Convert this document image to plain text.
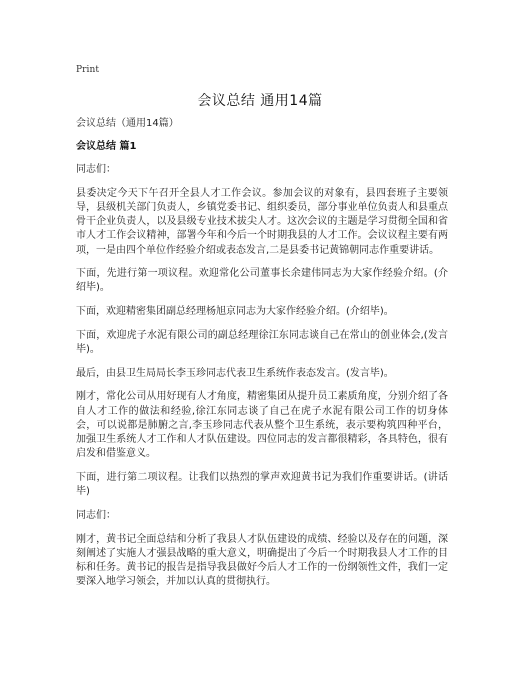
Print
会议总结 通用14篇

会议总结（通用14篇）

会议总结 篇1

同志们：

县委决定今天下午召开全县人才工作会议。参加会议的对象有，县四套班子主要领导，县级机关部门负责人，乡镇党委书记、组织委员，部分事业单位负责人和县重点骨干企业负责人，以及县级专业技术拔尖人才。这次会议的主题是学习贯彻全国和省市人才工作会议精神，部署今年和今后一个时期我县的人才工作。会议议程主要有两项，一是由四个单位作经验介绍或表态发言,二是县委书记黄锦朝同志作重要讲话。

下面，先进行第一项议程。欢迎常化公司董事长余建伟同志为大家作经验介绍。(介绍毕)。

下面，欢迎精密集团副总经理杨旭京同志为大家作经验介绍。(介绍毕)。

下面，欢迎虎子水泥有限公司的副总经理徐江东同志谈自己在常山的创业体会,(发言毕)。

最后，由县卫生局局长李玉珍同志代表卫生系统作表态发言。(发言毕)。

刚才，常化公司从用好现有人才角度，精密集团从提升员工素质角度，分别介绍了各自人才工作的做法和经验,徐江东同志谈了自己在虎子水泥有限公司工作的切身体会，可以说都是肺腑之言,李玉珍同志代表从整个卫生系统，表示要构筑四种平台，加强卫生系统人才工作和人才队伍建设。四位同志的发言都很精彩，各具特色，很有启发和借鉴意义。

下面，进行第二项议程。让我们以热烈的掌声欢迎黄书记为我们作重要讲话。(讲话毕)

同志们：

刚才，黄书记全面总结和分析了我县人才队伍建设的成绩、经验以及存在的问题，深刻阐述了实施人才强县战略的重大意义，明确提出了今后一个时期我县人才工作的目标和任务。黄书记的报告是指导我县做好今后人才工作的一份纲领性文件，我们一定要深入地学习领会，并加以认真的贯彻执行。
